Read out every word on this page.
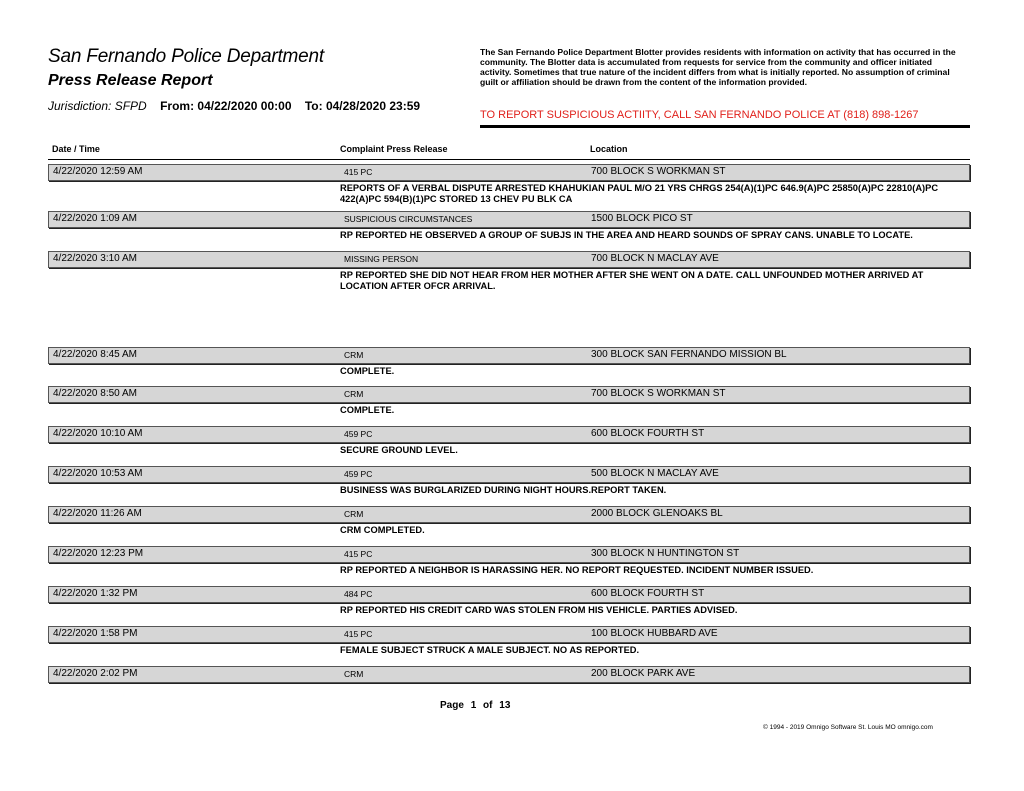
San Fernando Police Department
Press Release Report
Jurisdiction: SFPD From: 04/22/2020 00:00 To: 04/28/2020 23:59
The San Fernando Police Department Blotter provides residents with information on activity that has occurred in the community. The Blotter data is accumulated from requests for service from the community and officer initiated activity. Sometimes that true nature of the incident differs from what is initially reported. No assumption of criminal guilt or affiliation should be drawn from the content of the information provided.
TO REPORT SUSPICIOUS ACTIITY, CALL SAN FERNANDO POLICE AT (818) 898-1267
Date / Time	Complaint Press Release	Location
4/22/2020 12:59 AM	415 PC	700 BLOCK S WORKMAN ST
REPORTS OF A VERBAL DISPUTE ARRESTED KHAHUKIAN PAUL M/O 21 YRS CHRGS 254(A)(1)PC 646.9(A)PC 25850(A)PC 22810(A)PC 422(A)PC 594(B)(1)PC STORED 13 CHEV PU BLK CA
4/22/2020 1:09 AM	SUSPICIOUS CIRCUMSTANCES	1500 BLOCK PICO ST
RP REPORTED HE OBSERVED A GROUP OF SUBJS IN THE AREA AND HEARD SOUNDS OF SPRAY CANS. UNABLE TO LOCATE.
4/22/2020 3:10 AM	MISSING PERSON	700 BLOCK N MACLAY AVE
RP REPORTED SHE DID NOT HEAR FROM HER MOTHER AFTER SHE WENT ON A DATE. CALL UNFOUNDED MOTHER ARRIVED AT LOCATION AFTER OFCR ARRIVAL.
4/22/2020 8:45 AM	CRM	300 BLOCK SAN FERNANDO MISSION BL
COMPLETE.
4/22/2020 8:50 AM	CRM	700 BLOCK S WORKMAN ST
COMPLETE.
4/22/2020 10:10 AM	459 PC	600 BLOCK FOURTH ST
SECURE GROUND LEVEL.
4/22/2020 10:53 AM	459 PC	500 BLOCK N MACLAY AVE
BUSINESS WAS BURGLARIZED DURING NIGHT HOURS.REPORT TAKEN.
4/22/2020 11:26 AM	CRM	2000 BLOCK GLENOAKS BL
CRM COMPLETED.
4/22/2020 12:23 PM	415 PC	300 BLOCK N HUNTINGTON ST
RP REPORTED A NEIGHBOR IS HARASSING HER. NO REPORT REQUESTED. INCIDENT NUMBER ISSUED.
4/22/2020 1:32 PM	484 PC	600 BLOCK FOURTH ST
RP REPORTED HIS CREDIT CARD WAS STOLEN FROM HIS VEHICLE. PARTIES ADVISED.
4/22/2020 1:58 PM	415 PC	100 BLOCK HUBBARD AVE
FEMALE SUBJECT STRUCK A MALE SUBJECT. NO AS REPORTED.
4/22/2020 2:02 PM	CRM	200 BLOCK PARK AVE
Page 1 of 13
© 1994 - 2019 Omnigo Software St. Louis MO omnigo.com
